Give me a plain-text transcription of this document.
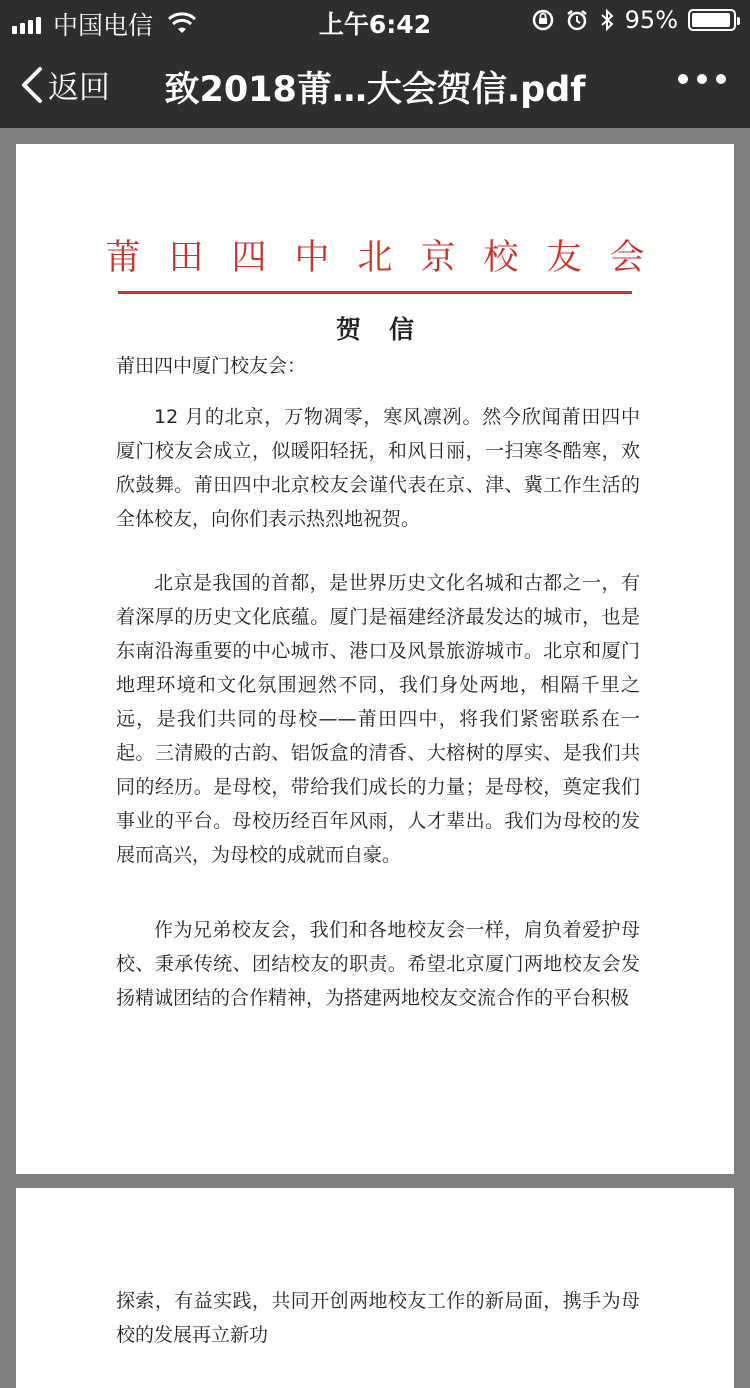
中国电信	上午6:42	95%
返回	致2018莆…大会贺信.pdf
莆田四中北京校友会
贺信
莆田四中厦门校友会：
12 月的北京，万物凋零，寒风凛冽。然今欣闻莆田四中厦门校友会成立，似暖阳轻抚，和风日丽，一扫寒冬酷寒，欢欣鼓舞。莆田四中北京校友会谨代表在京、津、冀工作生活的全体校友，向你们表示热烈地祝贺。
北京是我国的首都，是世界历史文化名城和古都之一，有着深厚的历史文化底蕴。厦门是福建经济最发达的城市，也是东南沿海重要的中心城市、港口及风景旅游城市。北京和厦门地理环境和文化氛围迥然不同，我们身处两地，相隔千里之远，是我们共同的母校——莆田四中，将我们紧密联系在一起。三清殿的古韵、铝饭盒的清香、大榕树的厚实、是我们共同的经历。是母校，带给我们成长的力量；是母校，奠定我们事业的平台。母校历经百年风雨，人才辈出。我们为母校的发展而高兴，为母校的成就而自豪。
作为兄弟校友会，我们和各地校友会一样，肩负着爱护母校、秉承传统、团结校友的职责。希望北京厦门两地校友会发扬精诚团结的合作精神，为搭建两地校友交流合作的平台积极
探索，有益实践，共同开创两地校友工作的新局面，携手为母校的发展再立新功
